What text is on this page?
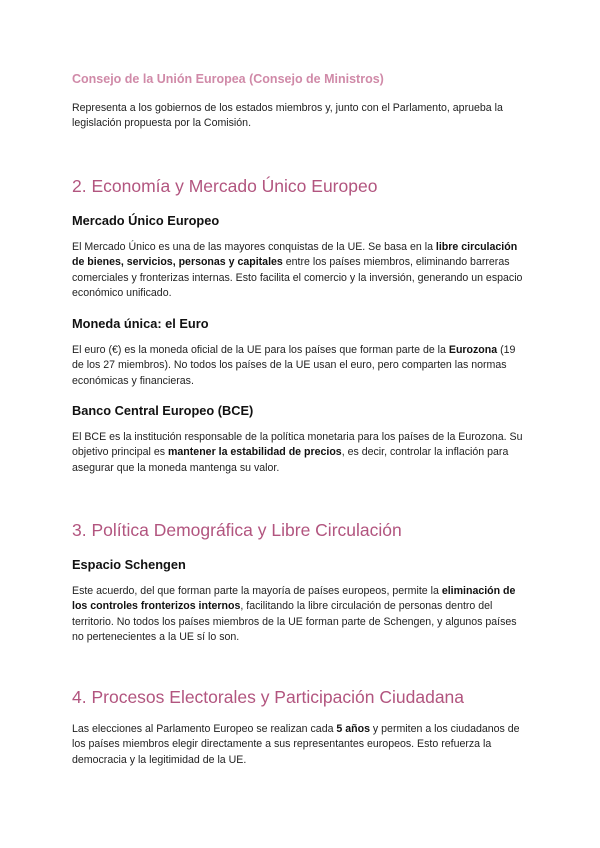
Consejo de la Unión Europea (Consejo de Ministros)
Representa a los gobiernos de los estados miembros y, junto con el Parlamento, aprueba la legislación propuesta por la Comisión.
2. Economía y Mercado Único Europeo
Mercado Único Europeo
El Mercado Único es una de las mayores conquistas de la UE. Se basa en la libre circulación de bienes, servicios, personas y capitales entre los países miembros, eliminando barreras comerciales y fronterizas internas. Esto facilita el comercio y la inversión, generando un espacio económico unificado.
Moneda única: el Euro
El euro (€) es la moneda oficial de la UE para los países que forman parte de la Eurozona (19 de los 27 miembros). No todos los países de la UE usan el euro, pero comparten las normas económicas y financieras.
Banco Central Europeo (BCE)
El BCE es la institución responsable de la política monetaria para los países de la Eurozona. Su objetivo principal es mantener la estabilidad de precios, es decir, controlar la inflación para asegurar que la moneda mantenga su valor.
3. Política Demográfica y Libre Circulación
Espacio Schengen
Este acuerdo, del que forman parte la mayoría de países europeos, permite la eliminación de los controles fronterizos internos, facilitando la libre circulación de personas dentro del territorio. No todos los países miembros de la UE forman parte de Schengen, y algunos países no pertenecientes a la UE sí lo son.
4. Procesos Electorales y Participación Ciudadana
Las elecciones al Parlamento Europeo se realizan cada 5 años y permiten a los ciudadanos de los países miembros elegir directamente a sus representantes europeos. Esto refuerza la democracia y la legitimidad de la UE.
